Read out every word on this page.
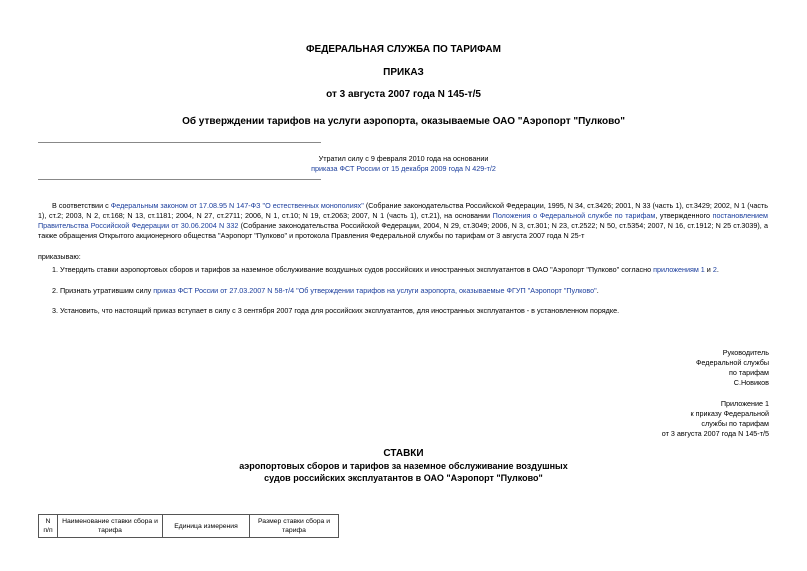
ФЕДЕРАЛЬНАЯ СЛУЖБА ПО ТАРИФАМ
ПРИКАЗ
от 3 августа 2007 года N 145-т/5
Об утверждении тарифов на услуги аэропорта, оказываемые ОАО "Аэропорт "Пулково"
Утратил силу с 9 февраля 2010 года на основании
приказа ФСТ России от 15 декабря 2009 года N 429-т/2
В соответствии с Федеральным законом от 17.08.95 N 147-ФЗ "О естественных монополиях" (Собрание законодательства Российской Федерации, 1995, N 34, ст.3426; 2001, N 33 (часть 1), ст.3429; 2002, N 1 (часть 1), ст.2; 2003, N 2, ст.168; N 13, ст.1181; 2004, N 27, ст.2711; 2006, N 1, ст.10; N 19, ст.2063; 2007, N 1 (часть 1), ст.21), на основании Положения о Федеральной службе по тарифам, утвержденного постановлением Правительства Российской Федерации от 30.06.2004 N 332 (Собрание законодательства Российской Федерации, 2004, N 29, ст.3049; 2006, N 3, ст.301; N 23, ст.2522; N 50, ст.5354; 2007, N 16, ст.1912; N 25 ст.3039), а также обращения Открытого акционерного общества "Аэропорт "Пулково" и протокола Правления Федеральной службы по тарифам от 3 августа 2007 года N 25-т
приказываю:
1. Утвердить ставки аэропортовых сборов и тарифов за наземное обслуживание воздушных судов российских и иностранных эксплуатантов в ОАО "Аэропорт "Пулково" согласно приложениям 1 и 2.
2. Признать утратившим силу приказ ФСТ России от 27.03.2007 N 58-т/4 "Об утверждении тарифов на услуги аэропорта, оказываемые ФГУП "Аэропорт "Пулково".
3. Установить, что настоящий приказ вступает в силу с 3 сентября 2007 года для российских эксплуатантов, для иностранных эксплуатантов - в установленном порядке.
Руководитель
Федеральной службы
по тарифам
С.Новиков
Приложение 1
к приказу Федеральной
службы по тарифам
от 3 августа 2007 года N 145-т/5
СТАВКИ
аэропортовых сборов и тарифов за наземное обслуживание воздушных
судов российских эксплуатантов в ОАО "Аэропорт "Пулково"
N п/п	Наименование ставки сбора и тарифа	Единица измерения	Размер ставки сбора и тарифа
